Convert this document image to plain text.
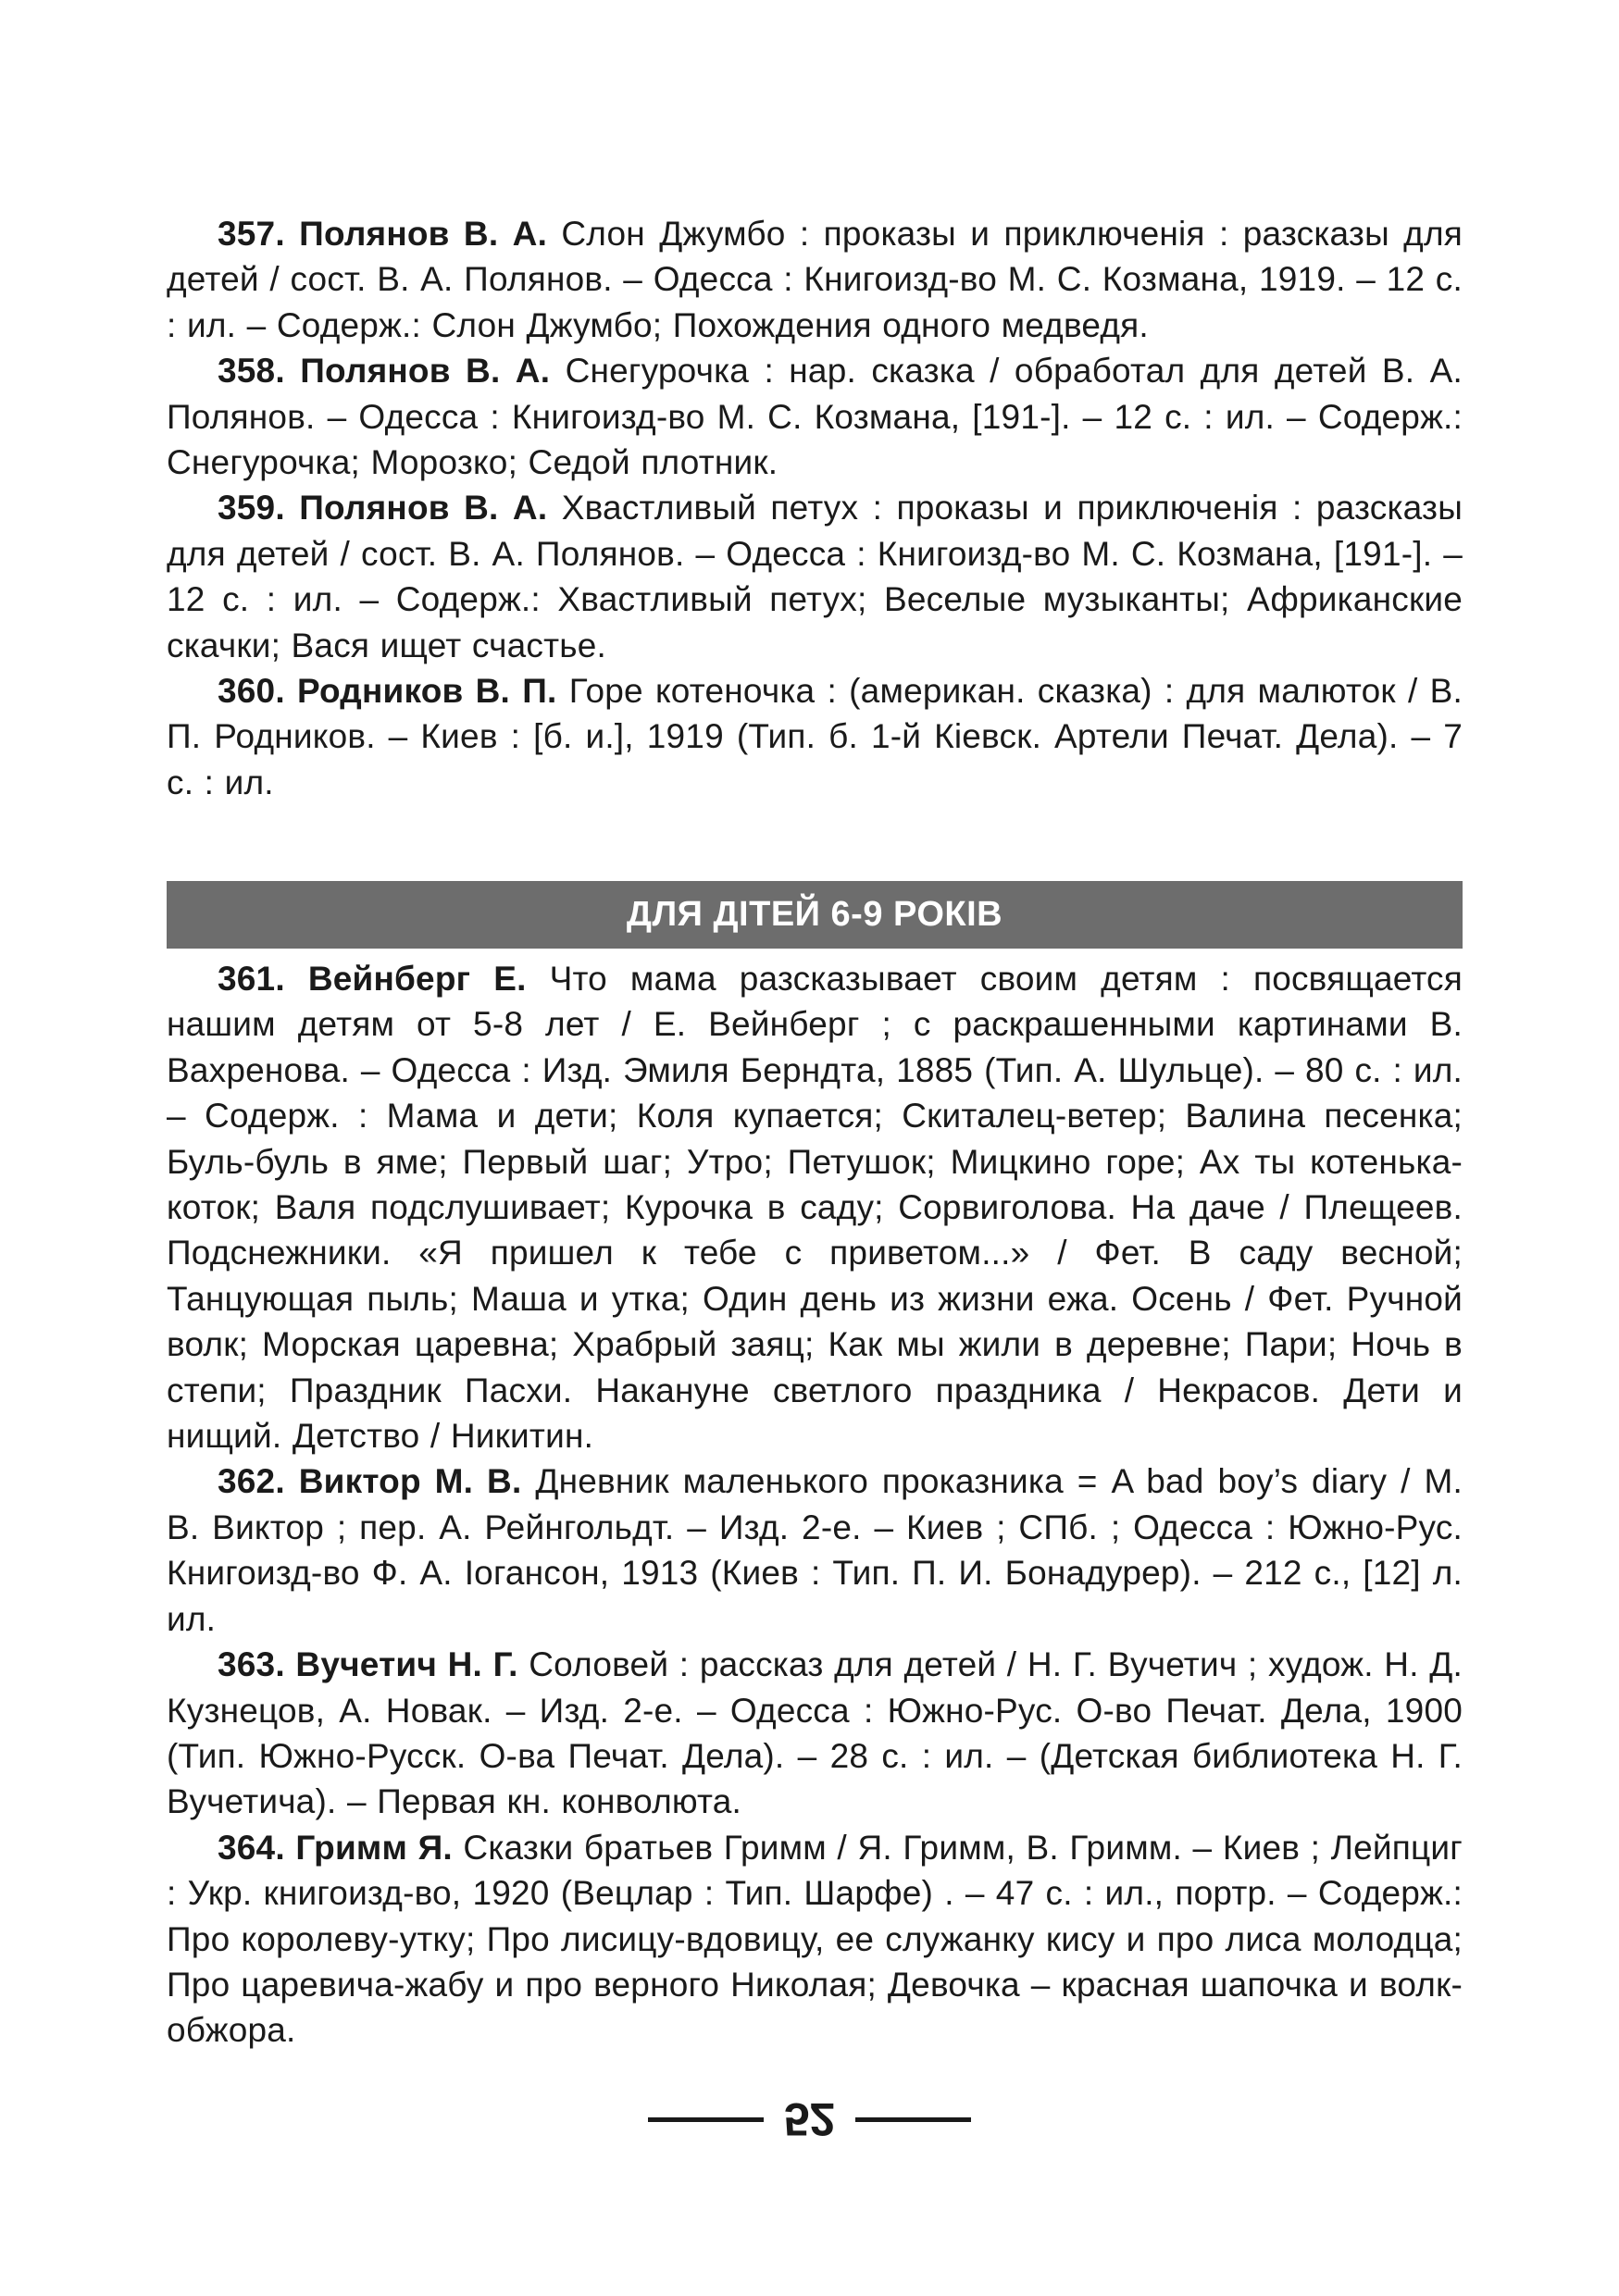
357. Полянов В. А. Слон Джумбо : проказы и приключенія : разсказы для детей / сост. В. А. Полянов. – Одесса : Книгоизд-во М. С. Козмана, 1919. – 12 с. : ил. – Содерж.: Слон Джумбо; Похождения одного медведя.

358. Полянов В. А. Снегурочка : нар. сказка / обработал для детей В. А. Полянов. – Одесса : Книгоизд-во М. С. Козмана, [191-]. – 12 с. : ил. – Содерж.: Снегурочка; Морозко; Седой плотник.

359. Полянов В. А. Хвастливый петух : проказы и приключенія : разсказы для детей / сост. В. А. Полянов. – Одесса : Книгоизд-во М. С. Козмана, [191-]. – 12 с. : ил. – Содерж.: Хвастливый петух; Веселые музыканты; Африканские скачки; Вася ищет счастье.

360. Родников В. П. Горе котеночка : (американ. сказка) : для малюток / В. П. Родников. – Киев : [б. и.], 1919 (Тип. б. 1-й Кіевск. Артели Печат. Дела). – 7 с. : ил.

ДЛЯ ДІТЕЙ 6-9 РОКІВ

361. Вейнберг Е. Что мама разсказывает своим детям : посвящается нашим детям от 5-8 лет / Е. Вейнберг ; с раскрашенными картинами В. Вахренова. – Одесса : Изд. Эмиля Берндта, 1885 (Тип. А. Шульце). – 80 с. : ил. – Содерж. : Мама и дети; Коля купается; Скиталец-ветер; Валина песенка; Буль-буль в яме; Первый шаг; Утро; Петушок; Мицкино горе; Ах ты котенька-коток; Валя подслушивает; Курочка в саду; Сорвиголова. На даче / Плещеев. Подснежники. «Я пришел к тебе с приветом...» / Фет. В саду весной; Танцующая пыль; Маша и утка; Один день из жизни ежа. Осень / Фет. Ручной волк; Морская царевна; Храбрый заяц; Как мы жили в деревне; Пари; Ночь в степи; Праздник Пасхи. Накануне светлого праздника / Некрасов. Дети и нищий. Детство / Никитин.

362. Виктор М. В. Дневник маленького проказника = A bad boy’s diary / М. В. Виктор ; пер. А. Рейнгольдт. – Изд. 2-е. – Киев ; СПб. ; Одесса : Южно-Рус. Книгоизд-во Ф. А. Іогансон, 1913 (Киев : Тип. П. И. Бонадурер). – 212 с., [12] л. ил.

363. Вучетич Н. Г. Соловей : рассказ для детей / Н. Г. Вучетич ; худож. Н. Д. Кузнецов, А. Новак. – Изд. 2-е. – Одесса : Южно-Рус. О-во Печат. Дела, 1900 (Тип. Южно-Русск. О-ва Печат. Дела). – 28 с. : ил. – (Детская библиотека Н. Г. Вучетича). – Первая кн. конволюта.

364. Гримм Я. Сказки братьев Гримм / Я. Гримм, В. Гримм. – Киев ; Лейпциг : Укр. книгоизд-во, 1920 (Вецлар : Тип. Шарфе) . – 47 с. : ил., портр. – Содерж.: Про королеву-утку; Про лисицу-вдовицу, ее служанку кису и про лиса молодца; Про царевича-жабу и про верного Николая; Девочка – красная шапочка и волк-обжора.

52
